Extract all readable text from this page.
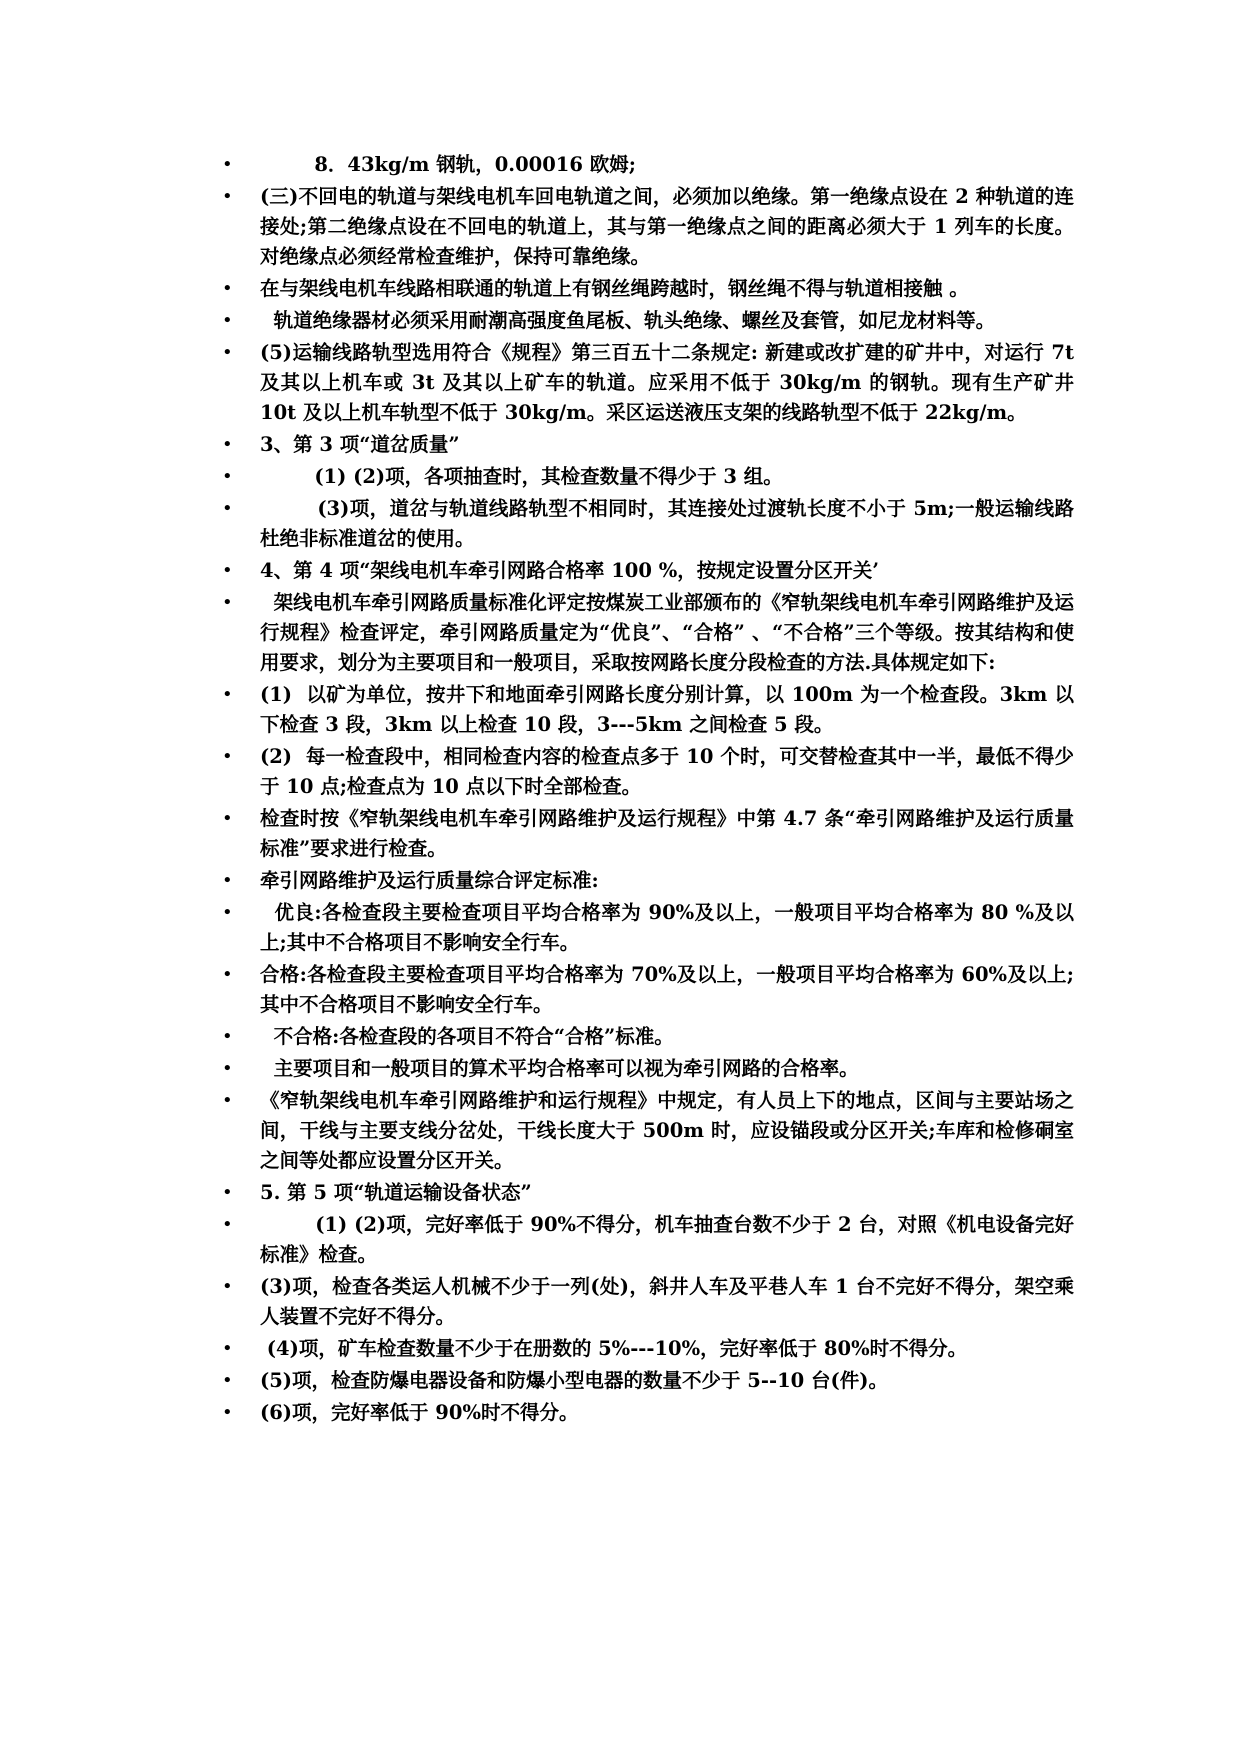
• 8．43kg/m 钢轨，0.00016 欧姆;
• (三)不回电的轨道与架线电机车回电轨道之间，必须加以绝缘。第一绝缘点设在 2 种轨道的连接处;第二绝缘点设在不回电的轨道上，其与第一绝缘点之间的距离必须大于 1 列车的长度。对绝缘点必须经常检查维护，保持可靠绝缘。
• 在与架线电机车线路相联通的轨道上有钢丝绳跨越时，钢丝绳不得与轨道相接触 。
• 轨道绝缘器材必须采用耐潮高强度鱼尾板、轨头绝缘、螺丝及套管，如尼龙材料等。
• (5)运输线路轨型选用符合《规程》第三百五十二条规定: 新建或改扩建的矿井中，对运行 7t 及其以上机车或 3t 及其以上矿车的轨道。应采用不低于 30kg/m 的钢轨。现有生产矿井 10t 及以上机车轨型不低于 30kg/m。采区运送液压支架的线路轨型不低于 22kg/m。
• 3、第 3 项“道岔质量”
• (1) (2)项，各项抽查时，其检查数量不得少于 3 组。
• (3)项，道岔与轨道线路轨型不相同时，其连接处过渡轨长度不小于 5m;一般运输线路杜绝非标准道岔的使用。
• 4、第 4 项“架线电机车牵引网路合格率 100 %，按规定设置分区开关’
• 架线电机车牵引网路质量标准化评定按煤炭工业部颁布的《窄轨架线电机车牵引网路维护及运行规程》检查评定，牵引网路质量定为“优良”、“合格” 、“不合格”三个等级。按其结构和使用要求，划分为主要项目和一般项目，采取按网路长度分段检查的方法.具体规定如下:
• (1)  以矿为单位，按井下和地面牵引网路长度分别计算，以 100m 为一个检查段。3km 以下检查 3 段，3km 以上检查 10 段，3---5km 之间检查 5 段。
• (2)  每一检查段中，相同检查内容的检查点多于 10 个时，可交替检查其中一半，最低不得少于 10 点;检查点为 10 点以下时全部检查。
• 检查时按《窄轨架线电机车牵引网路维护及运行规程》中第 4.7 条“牵引网路维护及运行质量标准”要求进行检查。
• 牵引网路维护及运行质量综合评定标准:
• 优良:各检查段主要检查项目平均合格率为 90%及以上，一般项目平均合格率为 80 %及以上;其中不合格项目不影响安全行车。
• 合格:各检查段主要检查项目平均合格率为 70%及以上，一般项目平均合格率为 60%及以上;其中不合格项目不影响安全行车。
• 不合格:各检查段的各项目不符合“合格”标准。
• 主要项目和一般项目的算术平均合格率可以视为牵引网路的合格率。
• 《窄轨架线电机车牵引网路维护和运行规程》中规定，有人员上下的地点，区间与主要站场之间，干线与主要支线分岔处，干线长度大于 500m 时，应设锚段或分区开关;车库和检修硐室之间等处都应设置分区开关。
• 5. 第 5 项“轨道运输设备状态”
• (1) (2)项，完好率低于 90%不得分，机车抽查台数不少于 2 台，对照《机电设备完好标准》检查。
• (3)项，检查各类运人机械不少于一列(处)，斜井人车及平巷人车 1 台不完好不得分，架空乘人装置不完好不得分。
• (4)项，矿车检查数量不少于在册数的 5%---10%，完好率低于 80%时不得分。
• (5)项，检查防爆电器设备和防爆小型电器的数量不少于 5--10 台(件)。
• (6)项，完好率低于 90%时不得分。
